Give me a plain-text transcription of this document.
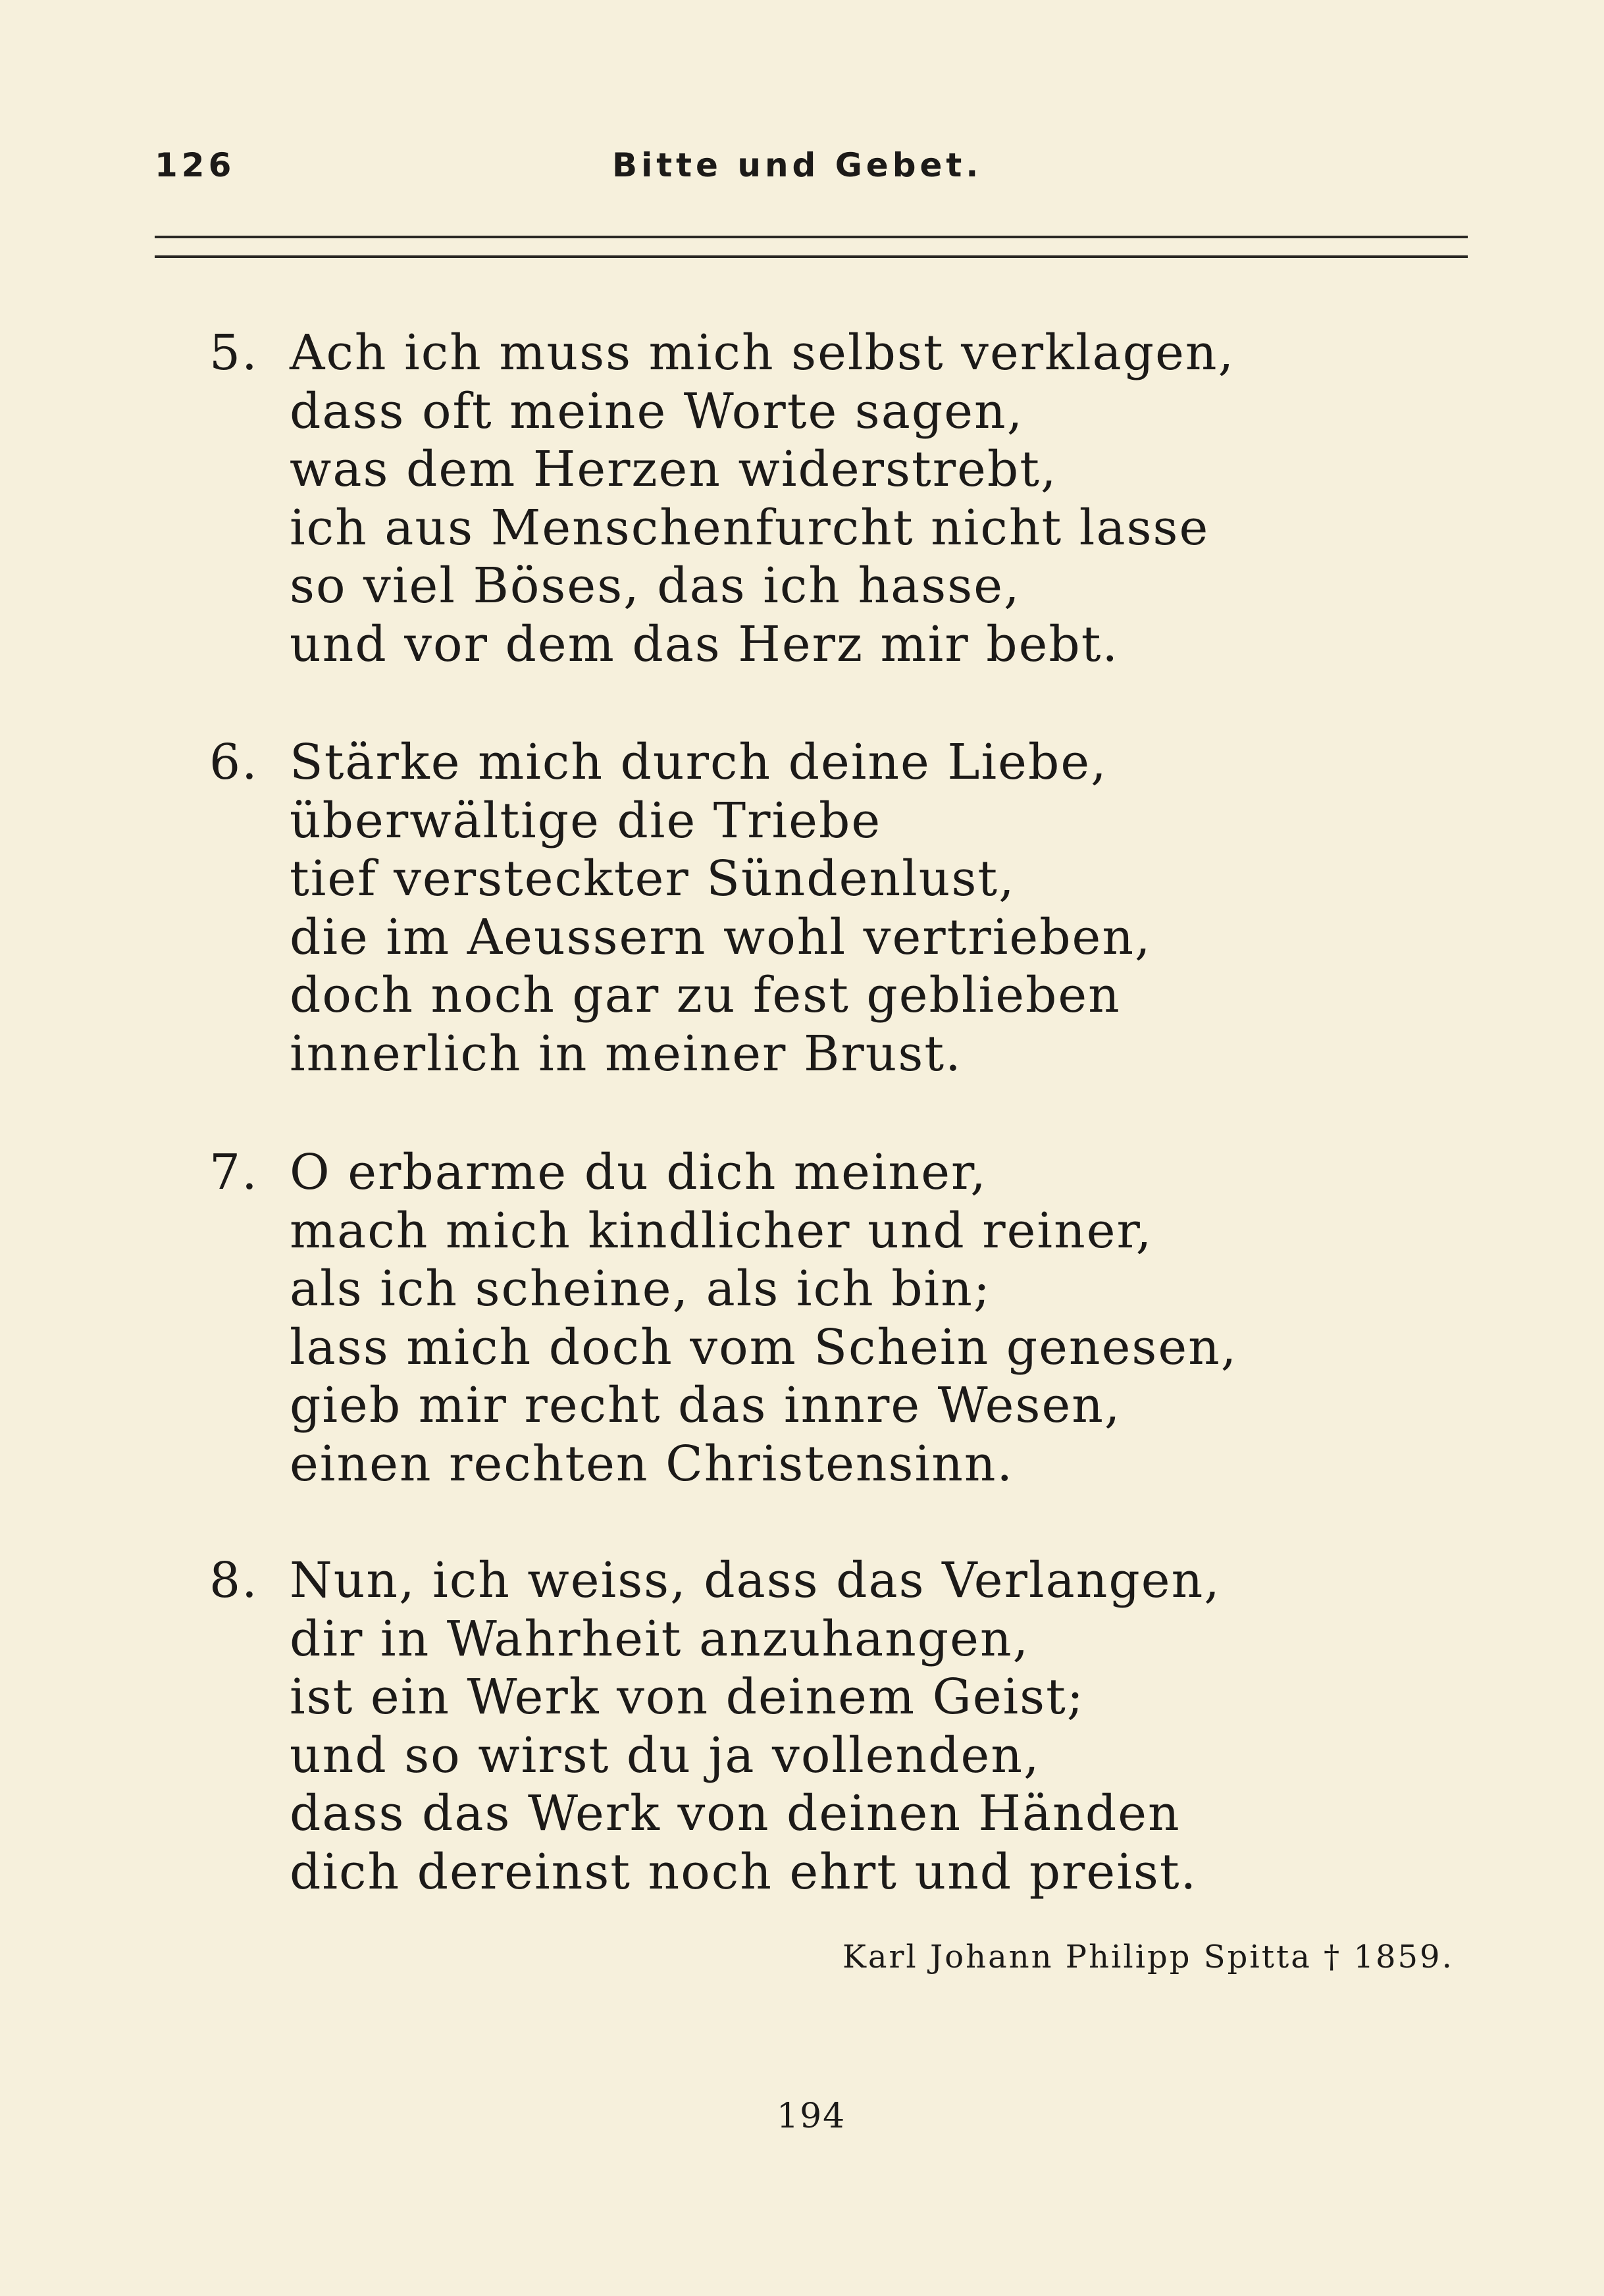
126	Bitte und Gebet.
5. Ach ich muss mich selbst verklagen,
dass oft meine Worte sagen,
was dem Herzen widerstrebt,
ich aus Menschenfurcht nicht lasse
so viel Böses, das ich hasse,
und vor dem das Herz mir bebt.
6. Stärke mich durch deine Liebe,
überwältige die Triebe
tief versteckter Sündenlust,
die im Aeussern wohl vertrieben,
doch noch gar zu fest geblieben
innerlich in meiner Brust.
7. O erbarme du dich meiner,
mach mich kindlicher und reiner,
als ich scheine, als ich bin;
lass mich doch vom Schein genesen,
gieb mir recht das innre Wesen,
einen rechten Christensinn.
8. Nun, ich weiss, dass das Verlangen,
dir in Wahrheit anzuhangen,
ist ein Werk von deinem Geist;
und so wirst du ja vollenden,
dass das Werk von deinen Händen
dich dereinst noch ehrt und preist.
Karl Johann Philipp Spitta † 1859.
194
